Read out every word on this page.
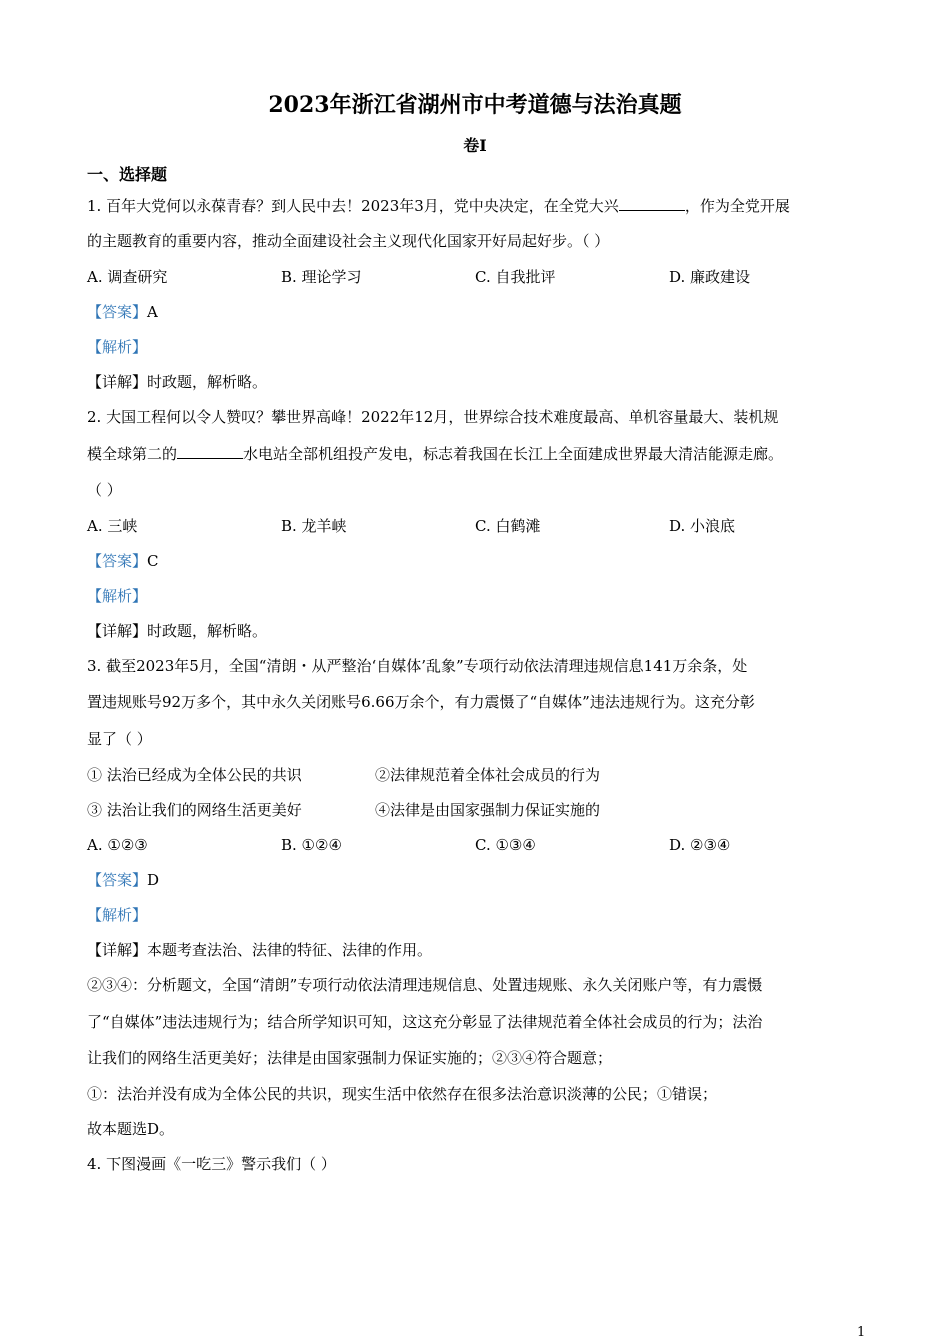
2023年浙江省湖州市中考道德与法治真题
卷I
一、选择题
1. 百年大党何以永葆青春？到人民中去！2023年3月，党中央决定，在全党大兴	，作为全党开展
的主题教育的重要内容，推动全面建设社会主义现代化国家开好局起好步。（ ）
A. 调查研究	B. 理论学习	C. 自我批评	D. 廉政建设
【答案】A
【解析】
【详解】时政题，解析略。
2. 大国工程何以令人赞叹？攀世界高峰！2022年12月，世界综合技术难度最高、单机容量最大、装机规
模全球第二的	水电站全部机组投产发电，标志着我国在长江上全面建成世界最大清洁能源走廊。
（ ）
A. 三峡	B. 龙羊峡	C. 白鹤滩	D. 小浪底
【答案】C
【解析】
【详解】时政题，解析略。
3. 截至2023年5月，全国“清朗・从严整治‘自媒体’乱象”专项行动依法清理违规信息141万余条，处
置违规账号92万多个，其中永久关闭账号6.66万余个，有力震慑了“自媒体”违法违规行为。这充分彰
显了（ ）
① 法治已经成为全体公民的共识	②法律规范着全体社会成员的行为
③ 法治让我们的网络生活更美好	④法律是由国家强制力保证实施的
A. ①②③	B. ①②④	C. ①③④	D. ②③④
【答案】D
【解析】
【详解】本题考查法治、法律的特征、法律的作用。
②③④：分析题文，全国“清朗”专项行动依法清理违规信息、处置违规账、永久关闭账户等，有力震慑
了“自媒体”违法违规行为；结合所学知识可知，这这充分彰显了法律规范着全体社会成员的行为；法治
让我们的网络生活更美好；法律是由国家强制力保证实施的；②③④符合题意；
①：法治并没有成为全体公民的共识，现实生活中依然存在很多法治意识淡薄的公民；①错误；
故本题选D。
4. 下图漫画《一吃三》警示我们（ ）
1
